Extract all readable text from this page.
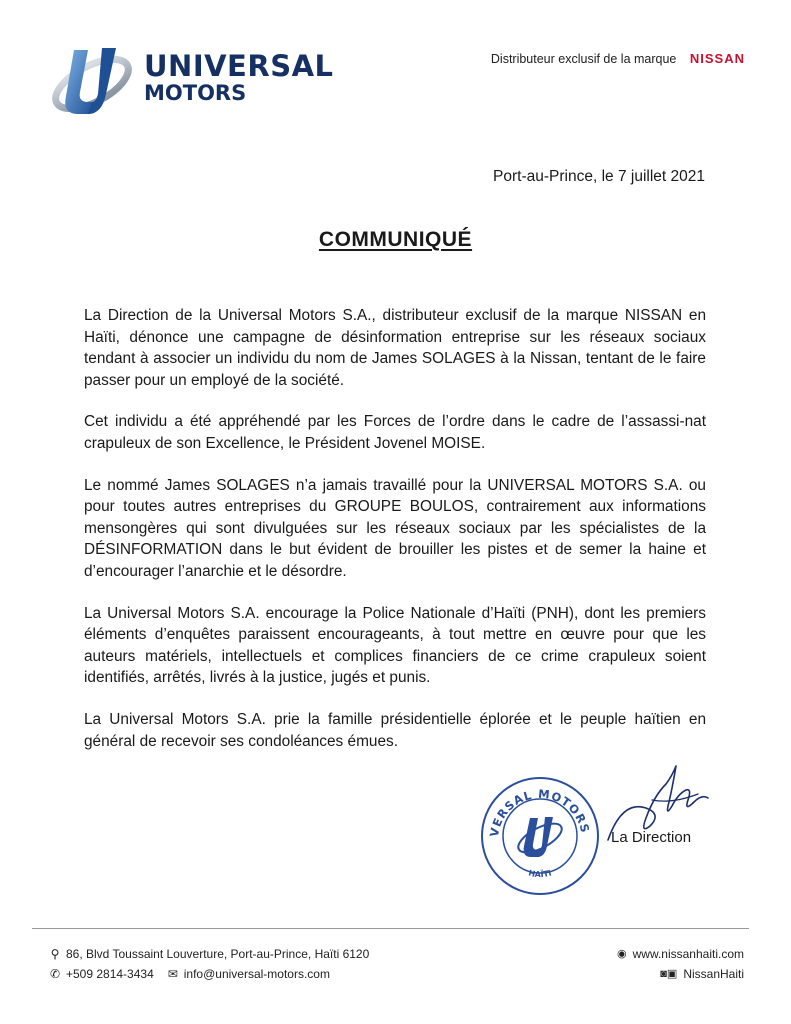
UNIVERSAL
MOTORS
Distributeur exclusif de la marque NISSAN
Port-au-Prince, le 7 juillet 2021
COMMUNIQUÉ

La Direction de la Universal Motors S.A., distributeur exclusif de la marque NISSAN en Haïti, dénonce une campagne de désinformation entreprise sur les réseaux sociaux tendant à associer un individu du nom de James SOLAGES à la Nissan, tentant de le faire passer pour un employé de la société.

Cet individu a été appréhendé par les Forces de l’ordre dans le cadre de l’assassi-nat crapuleux de son Excellence, le Président Jovenel MOISE.

Le nommé James SOLAGES n’a jamais travaillé pour la UNIVERSAL MOTORS S.A. ou pour toutes autres entreprises du GROUPE BOULOS, contrairement aux informations mensongères qui sont divulguées sur les réseaux sociaux par les spécialistes de la DÉSINFORMATION dans le but évident de brouiller les pistes et de semer la haine et d’encourager l’anarchie et le désordre.

La Universal Motors S.A. encourage la Police Nationale d’Haïti (PNH), dont les premiers éléments d’enquêtes paraissent encourageants, à tout mettre en œuvre pour que les auteurs matériels, intellectuels et complices financiers de ce crime crapuleux soient identifiés, arrêtés, livrés à la justice, jugés et punis.

La Universal Motors S.A. prie la famille présidentielle éplorée et le peuple haïtien en général de recevoir ses condoléances émues.

VERSAL MOTORS
HAÏTI
La Direction
⚲ 86, Blvd Toussaint Louverture, Port-au-Prince, Haïti 6120
✆ +509 2814-3434 ✉ info@universal-motors.com
◉ www.nissanhaiti.com
◙▣ NissanHaiti
